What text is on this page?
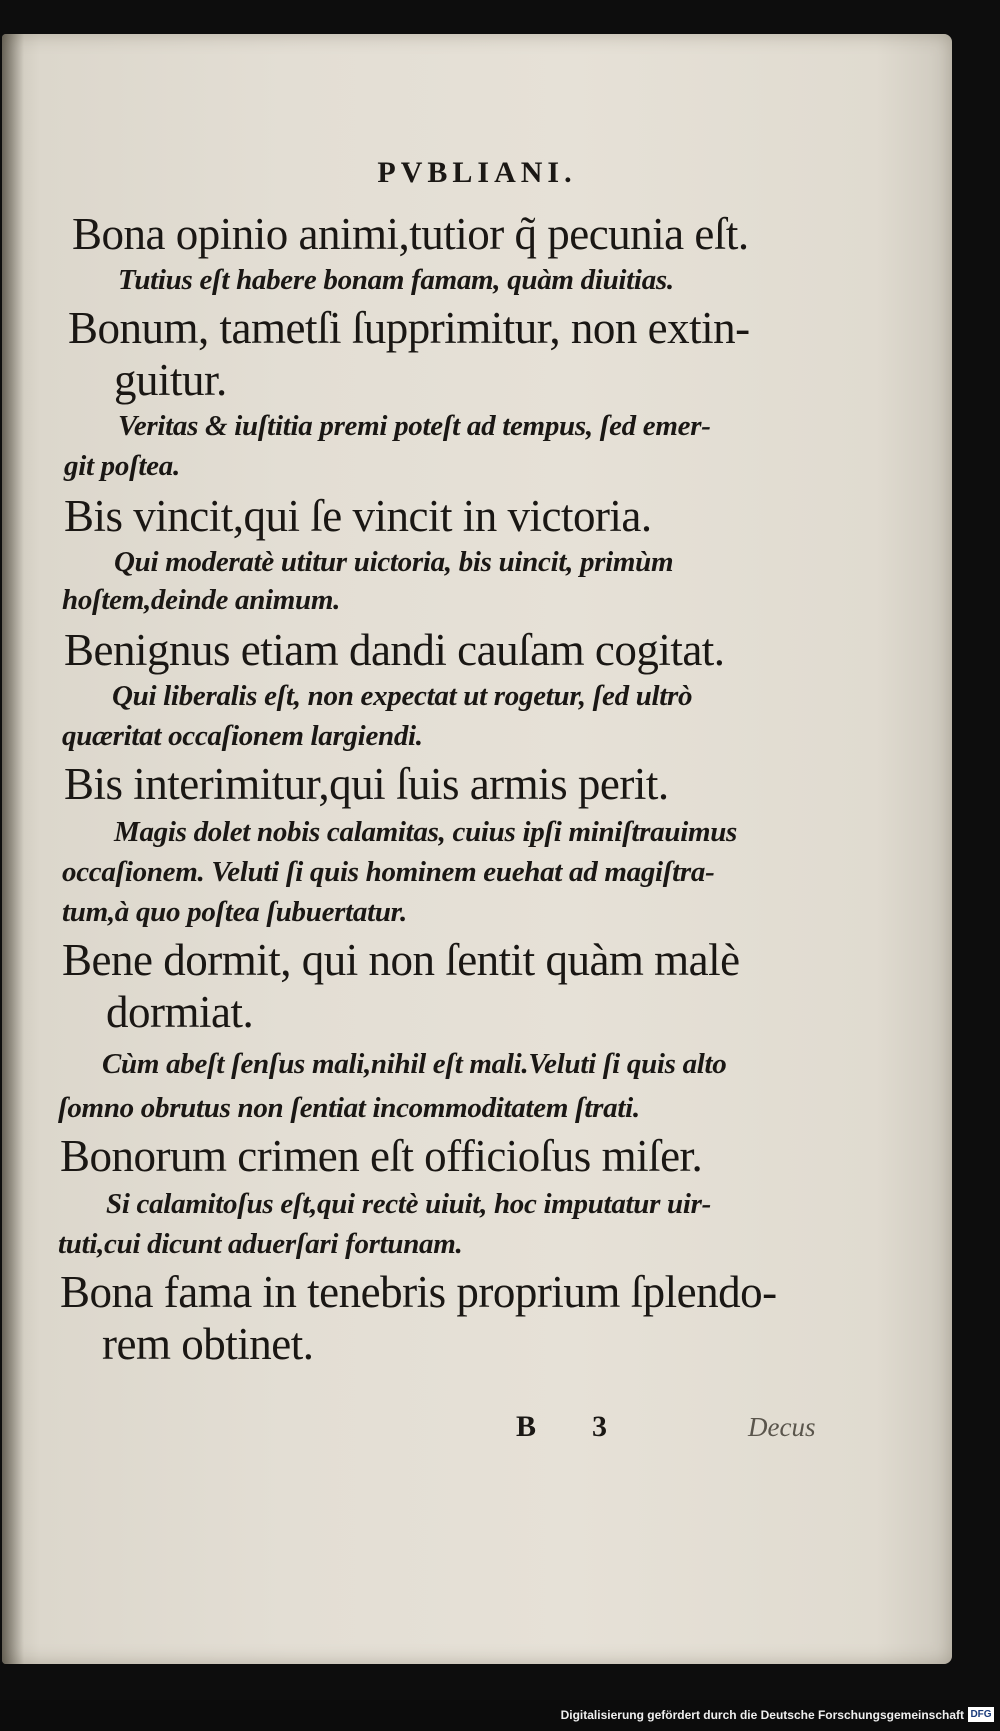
PVBLIANI.
Bona opinio animi,tutior q̃ pecunia eſt.
Tutius eſt habere bonam famam, quàm diuitias.
Bonum, tametſi ſupprimitur, non extin-
guitur.
Veritas & iuſtitia premi poteſt ad tempus, ſed emer-
git poſtea.
Bis vincit,qui ſe vincit in victoria.
Qui moderatè utitur uictoria, bis uincit, primùm
hoſtem,deinde animum.
Benignus etiam dandi cauſam cogitat.
Qui liberalis eſt, non expectat ut rogetur, ſed ultrò
quæritat occaſionem largiendi.
Bis interimitur,qui ſuis armis perit.
Magis dolet nobis calamitas, cuius ipſi miniſtrauimus
occaſionem. Veluti ſi quis hominem euehat ad magiſtra-
tum,à quo poſtea ſubuertatur.
Bene dormit, qui non ſentit quàm malè
dormiat.
Cùm abeſt ſenſus mali,nihil eſt mali.Veluti ſi quis alto
ſomno obrutus non ſentiat incommoditatem ſtrati.
Bonorum crimen eſt officioſus miſer.
Si calamitoſus eſt,qui rectè uiuit, hoc imputatur uir-
tuti,cui dicunt aduerſari fortunam.
Bona fama in tenebris proprium ſplendo-
rem obtinet.
B 3	Decus
Digitalisierung gefördert durch die Deutsche Forschungsgemeinschaft DFG
